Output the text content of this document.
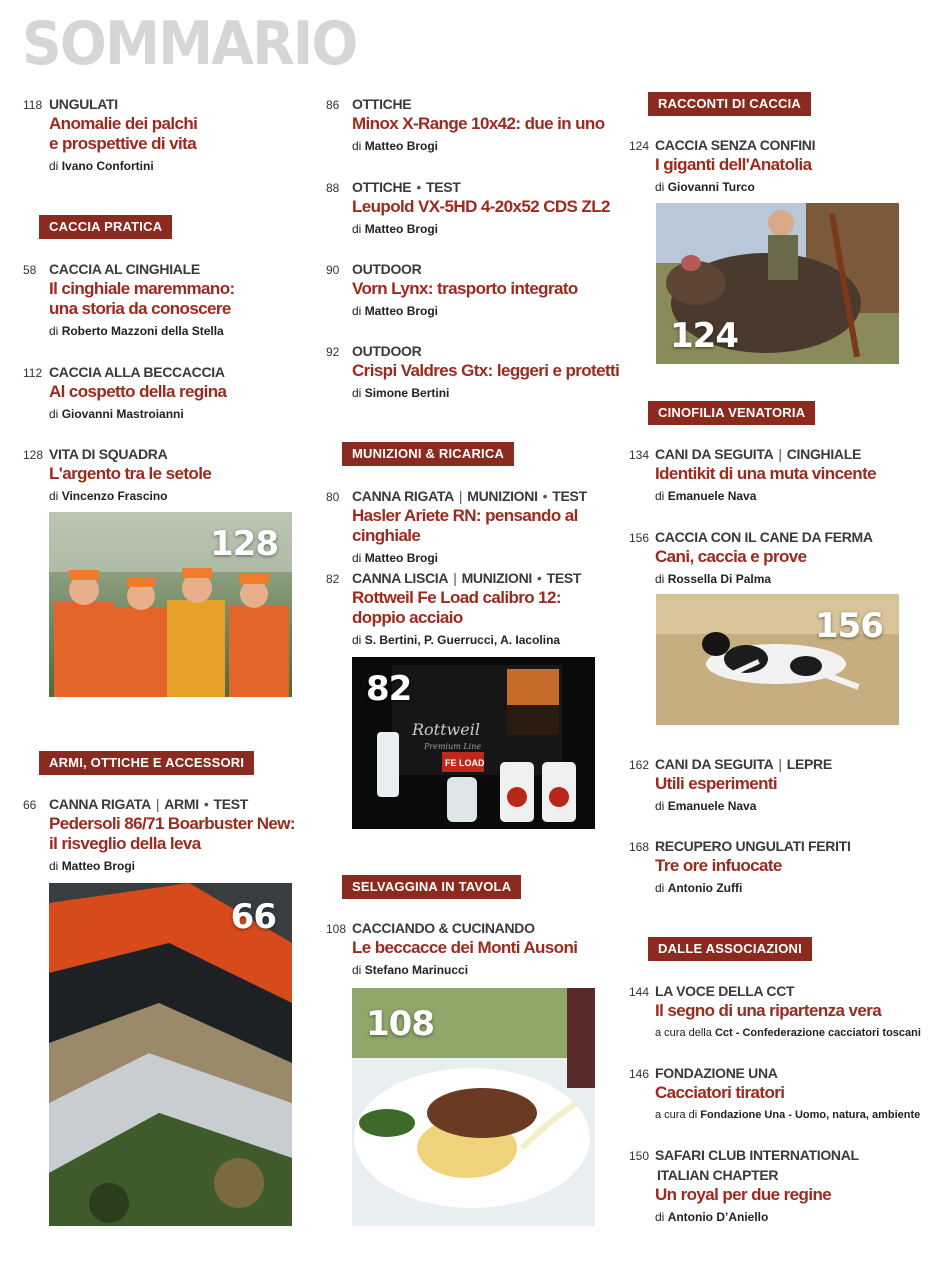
SOMMARIO
118 UNGULATI
Anomalie dei palchi
e prospettive di vita
di Ivano Confortini
CACCIA PRATICA
58 CACCIA AL CINGHIALE
Il cinghiale maremmano:
una storia da conoscere
di Roberto Mazzoni della Stella
112 CACCIA ALLA BECCACCIA
Al cospetto della regina
di Giovanni Mastroianni
128 VITA DI SQUADRA
L'argento tra le setole
di Vincenzo Frascino
128
ARMI, OTTICHE E ACCESSORI
66 CANNA RIGATA | ARMI • TEST
Pedersoli 86/71 Boarbuster New:
il risveglio della leva
di Matteo Brogi
66
86 OTTICHE
Minox X-Range 10x42: due in uno
di Matteo Brogi
88 OTTICHE • TEST
Leupold VX-5HD 4-20x52 CDS ZL2
di Matteo Brogi
90 OUTDOOR
Vorn Lynx: trasporto integrato
di Matteo Brogi
92 OUTDOOR
Crispi Valdres Gtx: leggeri e protetti
di Simone Bertini
MUNIZIONI & RICARICA
80 CANNA RIGATA | MUNIZIONI • TEST
Hasler Ariete RN: pensando al cinghiale
di Matteo Brogi
82 CANNA LISCIA | MUNIZIONI • TEST
Rottweil Fe Load calibro 12:
doppio acciaio
di S. Bertini, P. Guerrucci, A. Iacolina
Rottweil
Premium Line
FE LOAD
82
SELVAGGINA IN TAVOLA
108 CACCIANDO & CUCINANDO
Le beccacce dei Monti Ausoni
di Stefano Marinucci
108
RACCONTI DI CACCIA
124 CACCIA SENZA CONFINI
I giganti dell'Anatolia
di Giovanni Turco
124
CINOFILIA VENATORIA
134 CANI DA SEGUITA | CINGHIALE
Identikit di una muta vincente
di Emanuele Nava
156 CACCIA CON IL CANE DA FERMA
Cani, caccia e prove
di Rossella Di Palma
156
162 CANI DA SEGUITA | LEPRE
Utili esperimenti
di Emanuele Nava
168 RECUPERO UNGULATI FERITI
Tre ore infuocate
di Antonio Zuffi
DALLE ASSOCIAZIONI
144 LA VOCE DELLA CCT
Il segno di una ripartenza vera
a cura della Cct - Confederazione cacciatori toscani
146 FONDAZIONE UNA
Cacciatori tiratori
a cura di Fondazione Una - Uomo, natura, ambiente
150 SAFARI CLUB INTERNATIONAL
ITALIAN CHAPTER
Un royal per due regine
di Antonio D’Aniello
